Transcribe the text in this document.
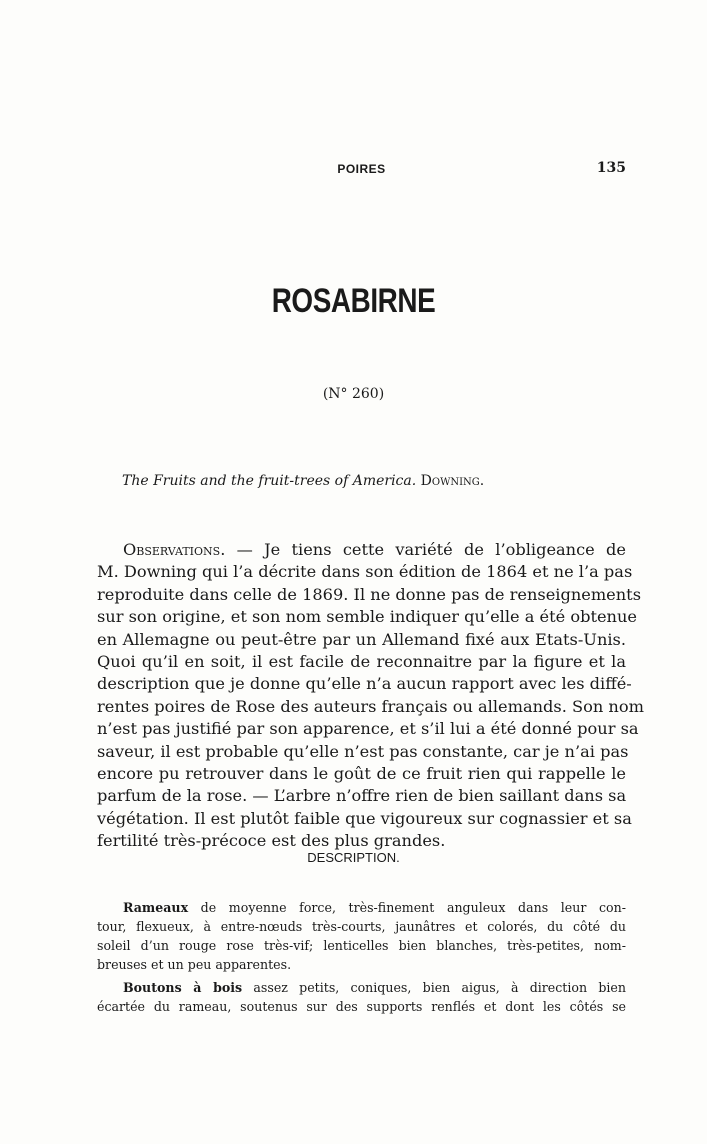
POIRES	135
ROSABIRNE
(N° 260)
The Fruits and the fruit-trees of America. Downing.
Observations. — Je tiens cette variété de l’obligeance de
M. Downing qui l’a décrite dans son édition de 1864 et ne l’a pas
reproduite dans celle de 1869. Il ne donne pas de renseignements
sur son origine, et son nom semble indiquer qu’elle a été obtenue
en Allemagne ou peut-être par un Allemand fixé aux Etats-Unis.
Quoi qu’il en soit, il est facile de reconnaitre par la figure et la
description que je donne qu’elle n’a aucun rapport avec les diffé-
rentes poires de Rose des auteurs français ou allemands. Son nom
n’est pas justifié par son apparence, et s’il lui a été donné pour sa
saveur, il est probable qu’elle n’est pas constante, car je n’ai pas
encore pu retrouver dans le goût de ce fruit rien qui rappelle le
parfum de la rose. — L’arbre n’offre rien de bien saillant dans sa
végétation. Il est plutôt faible que vigoureux sur cognassier et sa
fertilité très-précoce est des plus grandes.
DESCRIPTION.
Rameaux de moyenne force, très-finement anguleux dans leur con-
tour, flexueux, à entre-nœuds très-courts, jaunâtres et colorés, du côté du
soleil d’un rouge rose très-vif; lenticelles bien blanches, très-petites, nom-
breuses et un peu apparentes.
Boutons à bois assez petits, coniques, bien aigus, à direction bien
écartée du rameau, soutenus sur des supports renflés et dont les côtés se
